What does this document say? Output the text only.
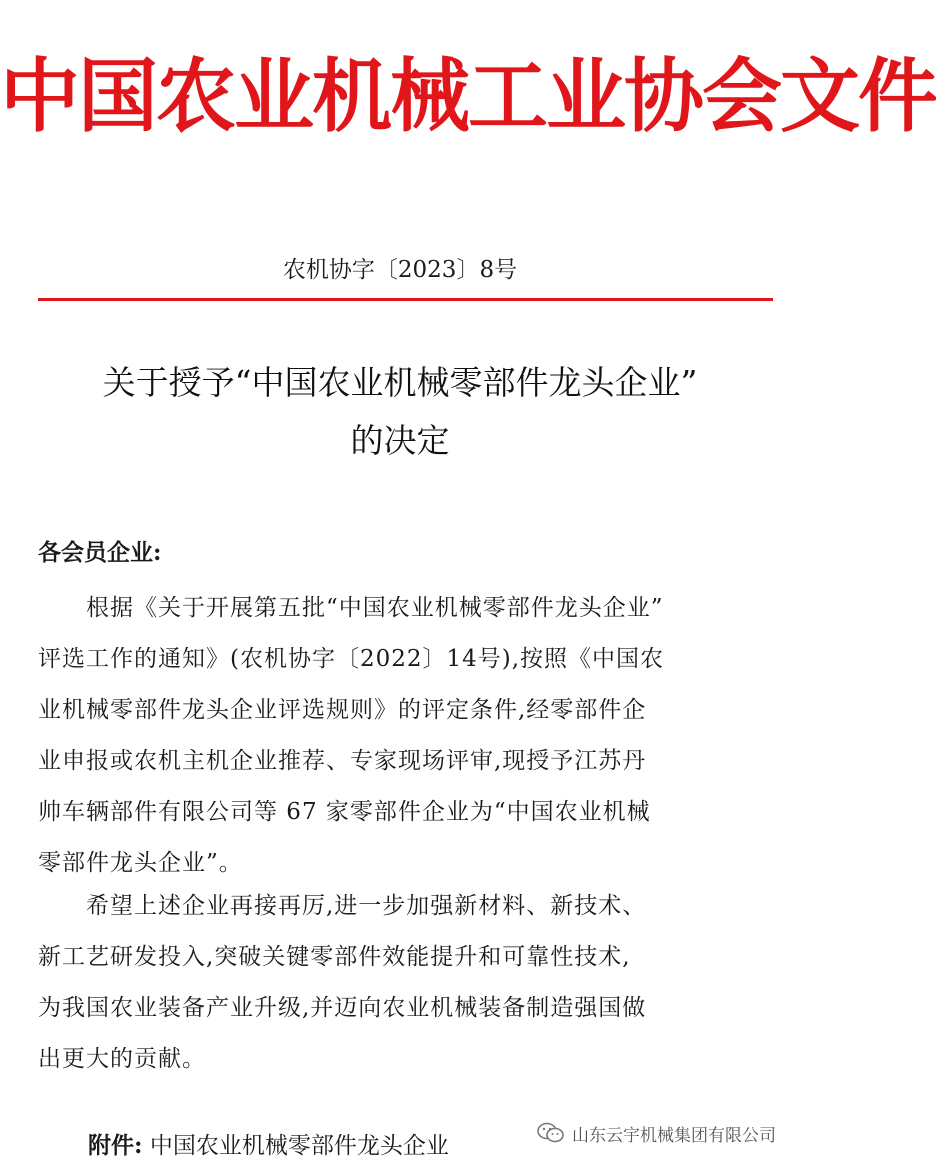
中国农业机械工业协会文件
农机协字〔2023〕8号
关于授予“中国农业机械零部件龙头企业”
的决定
各会员企业:
　　根据《关于开展第五批“中国农业机械零部件龙头企业”
评选工作的通知》(农机协字〔2022〕14号),按照《中国农
业机械零部件龙头企业评选规则》的评定条件,经零部件企
业申报或农机主机企业推荐、专家现场评审,现授予江苏丹
帅车辆部件有限公司等 67 家零部件企业为“中国农业机械
零部件龙头企业”。
　　希望上述企业再接再厉,进一步加强新材料、新技术、
新工艺研发投入,突破关键零部件效能提升和可靠性技术,
为我国农业装备产业升级,并迈向农业机械装备制造强国做
出更大的贡献。
附件: 中国农业机械零部件龙头企业	山东云宇机械集团有限公司
